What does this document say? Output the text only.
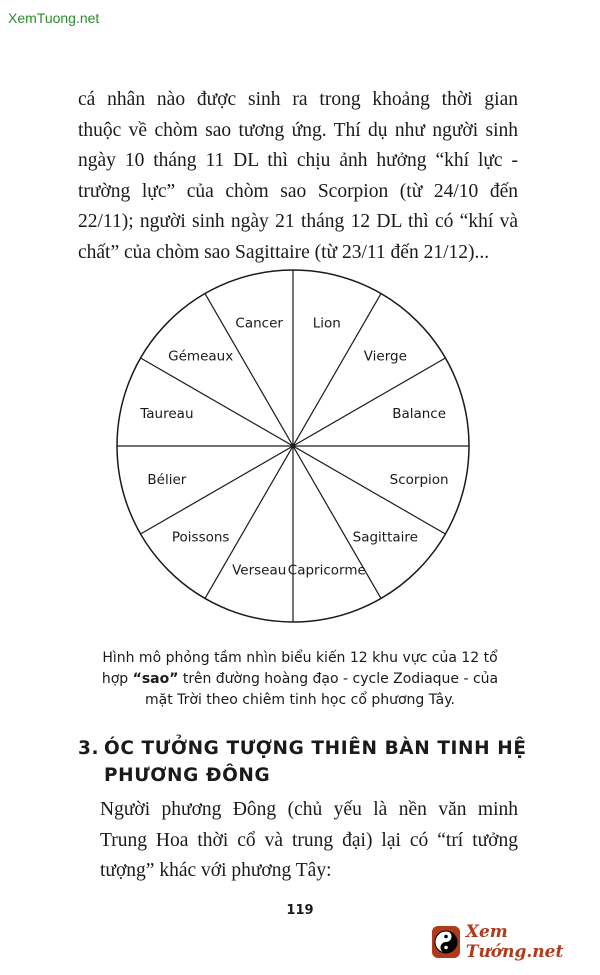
XemTuong.net

cá nhân nào được sinh ra trong khoảng thời gian
thuộc về chòm sao tương ứng. Thí dụ như người sinh
ngày 10 tháng 11 DL thì chịu ảnh hưởng “khí lực -
trường lực” của chòm sao Scorpion (từ 24/10 đến
22/11); người sinh ngày 21 tháng 12 DL thì có “khí và
chất” của chòm sao Sagittaire (từ 23/11 đến 21/12)...

Lion
Vierge
Balance
Scorpion
Sagittaire
Capricorme
Verseau
Poissons
Bélier
Taureau
Gémeaux
Cancer
Hình mô phỏng tầm nhìn biểu kiến 12 khu vực của 12 tổ
hợp “sao” trên đường hoàng đạo - cycle Zodiaque - của
mặt Trời theo chiêm tinh học cổ phương Tây.
3. ÓC TƯỞNG TƯỢNG THIÊN BÀN TINH HỆ
PHƯƠNG ĐÔNG

Người phương Đông (chủ yếu là nền văn minh
Trung Hoa thời cổ và trung đại) lại có “trí tưởng
tượng” khác với phương Tây:

119
Xem Tướng.net
